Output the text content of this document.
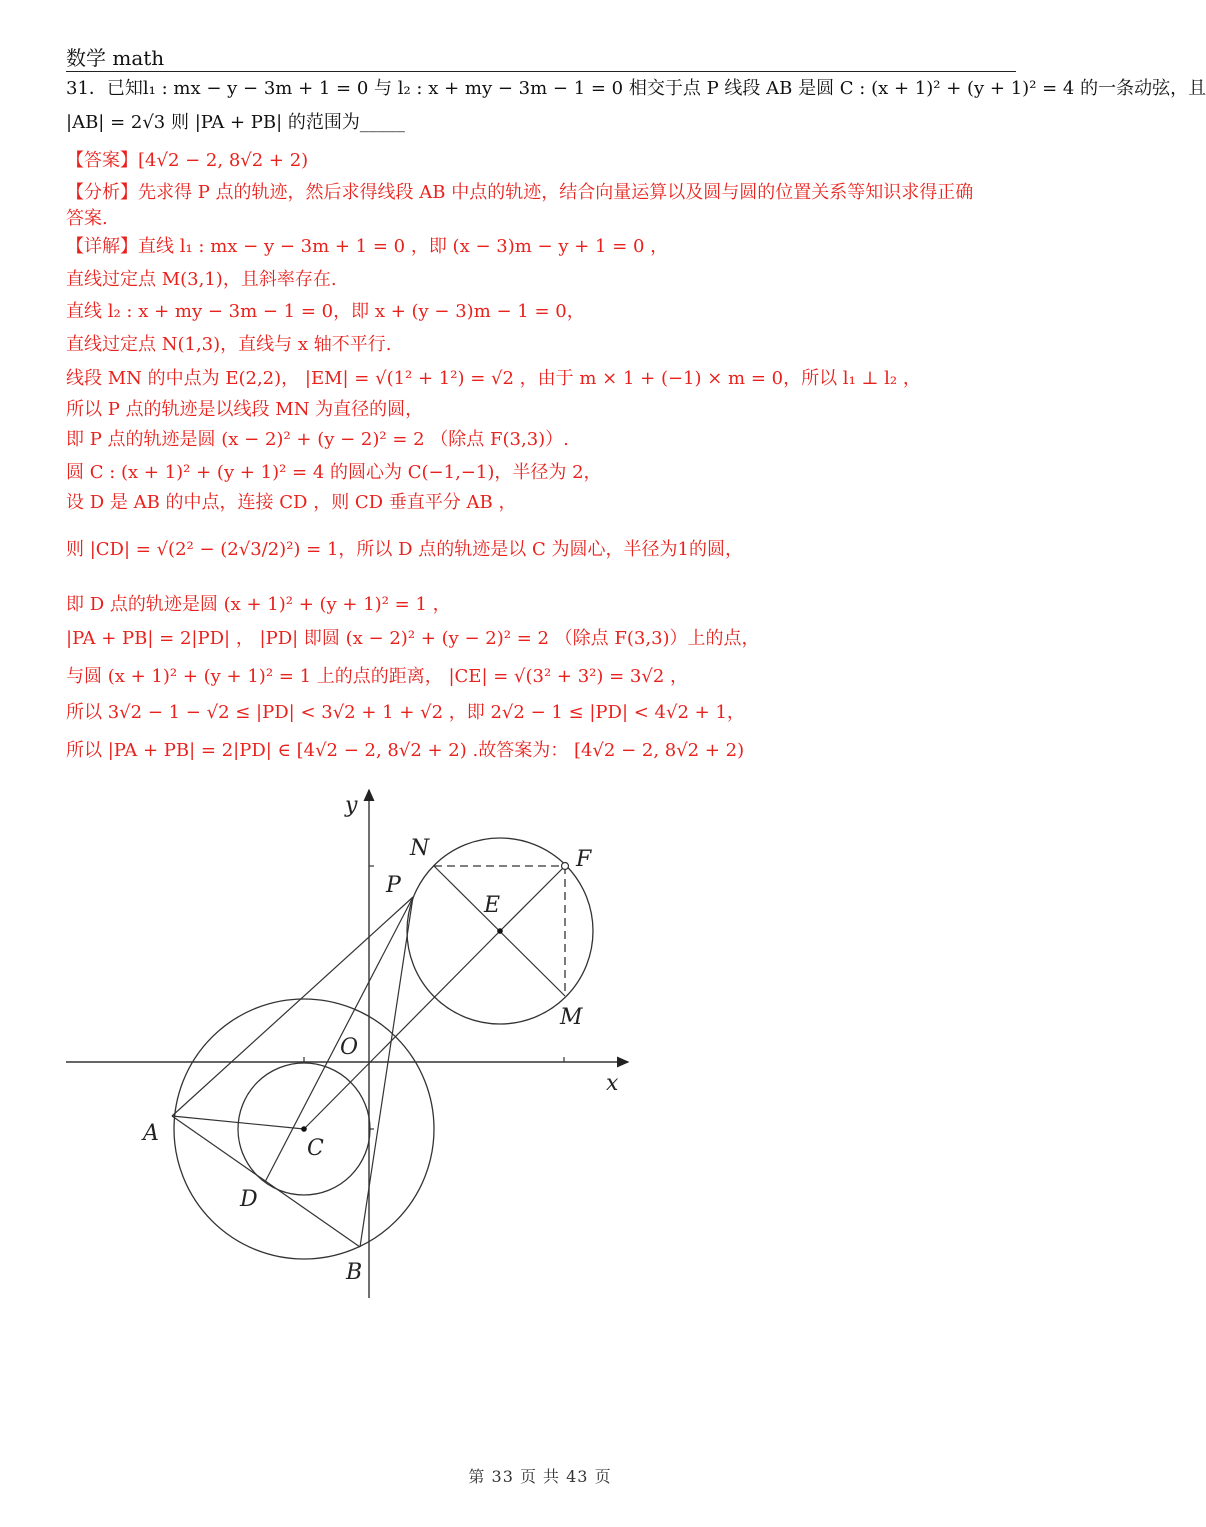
数学 math
31．已知l₁ : mx − y − 3m + 1 = 0 与 l₂ : x + my − 3m − 1 = 0 相交于点 P 线段 AB 是圆 C : (x + 1)² + (y + 1)² = 4 的一条动弦，且
|AB| = 2√3 则 |PA + PB| 的范围为_____
【答案】[4√2 − 2, 8√2 + 2)
【分析】先求得 P 点的轨迹，然后求得线段 AB 中点的轨迹，结合向量运算以及圆与圆的位置关系等知识求得正确
答案.
【详解】直线 l₁ : mx − y − 3m + 1 = 0 ，即 (x − 3)m − y + 1 = 0 ，
直线过定点 M(3,1)，且斜率存在.
直线 l₂ : x + my − 3m − 1 = 0，即 x + (y − 3)m − 1 = 0，
直线过定点 N(1,3)，直线与 x 轴不平行.
线段 MN 的中点为 E(2,2)， |EM| = √(1² + 1²) = √2 ，由于 m × 1 + (−1) × m = 0，所以 l₁ ⊥ l₂ ，
所以 P 点的轨迹是以线段 MN 为直径的圆，
即 P 点的轨迹是圆 (x − 2)² + (y − 2)² = 2 （除点 F(3,3)）.
圆 C : (x + 1)² + (y + 1)² = 4 的圆心为 C(−1,−1)，半径为 2，
设 D 是 AB 的中点，连接 CD ，则 CD 垂直平分 AB ，
则 |CD| = √(2² − (2√3/2)²) = 1，所以 D 点的轨迹是以 C 为圆心，半径为1的圆，
即 D 点的轨迹是圆 (x + 1)² + (y + 1)² = 1 ，
|PA + PB| = 2|PD| ， |PD| 即圆 (x − 2)² + (y − 2)² = 2 （除点 F(3,3)）上的点，
与圆 (x + 1)² + (y + 1)² = 1 上的点的距离， |CE| = √(3² + 3²) = 3√2 ，
所以 3√2 − 1 − √2 ≤ |PD| < 3√2 + 1 + √2 ，即 2√2 − 1 ≤ |PD| < 4√2 + 1，
所以 |PA + PB| = 2|PD| ∈ [4√2 − 2, 8√2 + 2) .故答案为： [4√2 − 2, 8√2 + 2)
y
x
N	F
P
E
M
O
A
C
D
B
第 33 页 共 43 页
